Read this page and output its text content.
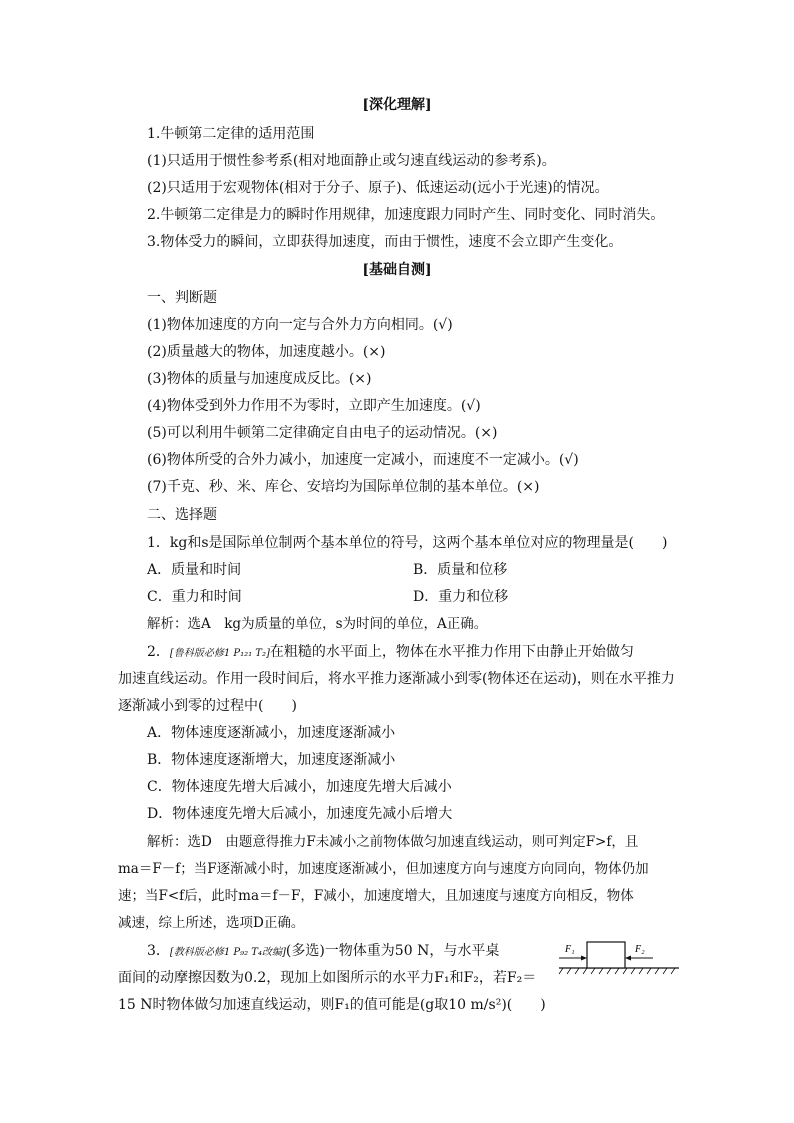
[深化理解]
1.牛顿第二定律的适用范围
(1)只适用于惯性参考系(相对地面静止或匀速直线运动的参考系)。
(2)只适用于宏观物体(相对于分子、原子)、低速运动(远小于光速)的情况。
2.牛顿第二定律是力的瞬时作用规律，加速度跟力同时产生、同时变化、同时消失。
3.物体受力的瞬间，立即获得加速度，而由于惯性，速度不会立即产生变化。
[基础自测]
一、判断题
(1)物体加速度的方向一定与合外力方向相同。(√)
(2)质量越大的物体，加速度越小。(×)
(3)物体的质量与加速度成反比。(×)
(4)物体受到外力作用不为零时，立即产生加速度。(√)
(5)可以利用牛顿第二定律确定自由电子的运动情况。(×)
(6)物体所受的合外力减小，加速度一定减小，而速度不一定减小。(√)
(7)千克、秒、米、库仑、安培均为国际单位制的基本单位。(×)
二、选择题
1．kg和s是国际单位制两个基本单位的符号，这两个基本单位对应的物理量是(　　)
A．质量和时间	B．质量和位移
C．重力和时间	D．重力和位移
解析：选A　kg为质量的单位，s为时间的单位，A正确。
2．[鲁科版必修1 P₁₂₁ T₂]在粗糙的水平面上，物体在水平推力作用下由静止开始做匀
加速直线运动。作用一段时间后，将水平推力逐渐减小到零(物体还在运动)，则在水平推力
逐渐减小到零的过程中(　　)
A．物体速度逐渐减小，加速度逐渐减小
B．物体速度逐渐增大，加速度逐渐减小
C．物体速度先增大后减小，加速度先增大后减小
D．物体速度先增大后减小，加速度先减小后增大
解析：选D　由题意得推力F未减小之前物体做匀加速直线运动，则可判定F>f，且
ma＝F－f；当F逐渐减小时，加速度逐渐减小，但加速度方向与速度方向同向，物体仍加
速；当F<f后，此时ma＝f－F，F减小，加速度增大，且加速度与速度方向相反，物体
减速，综上所述，选项D正确。
3．[教科版必修1 P₉₂ T₄改编](多选)一物体重为50 N，与水平桌
面间的动摩擦因数为0.2，现加上如图所示的水平力F₁和F₂，若F₂＝
15 N时物体做匀加速直线运动，则F₁的值可能是(g取10 m/s²)(　　)
F₁	F₂
